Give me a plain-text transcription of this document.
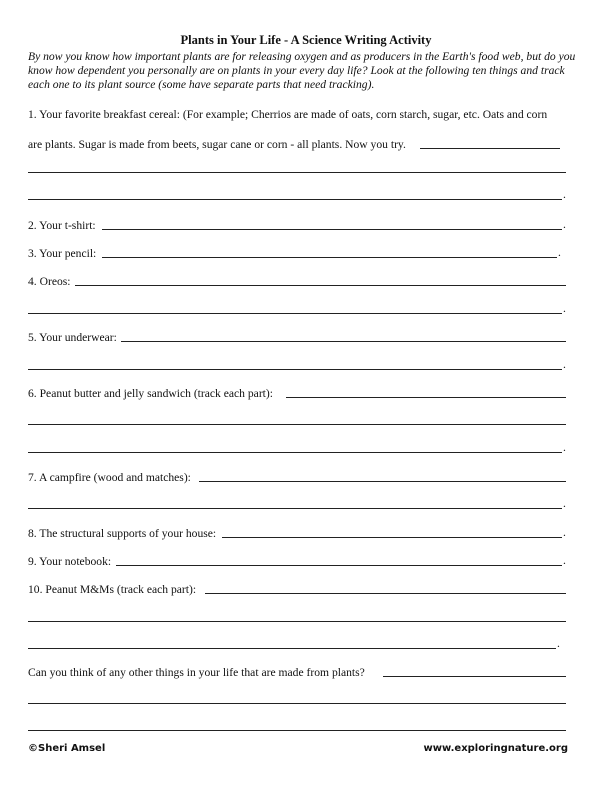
Plants in Your Life - A Science Writing Activity
By now you know how important plants are for releasing oxygen and as producers in the Earth's food web, but do you know how dependent you personally are on plants in your every day life? Look at the following ten things and track each one to its plant source (some have separate parts that need tracking).
1. Your favorite breakfast cereal: (For example; Cherrios are made of oats, corn starch, sugar, etc. Oats and corn
are plants. Sugar is made from beets, sugar cane or corn - all plants. Now you try.
.
2. Your t-shirt:	.
3. Your pencil:	.
4. Oreos:
.
5. Your underwear:
.
6. Peanut butter and jelly sandwich (track each part):
.
7. A campfire (wood and matches):
.
8. The structural supports of your house:	.
9. Your notebook:	.
10. Peanut M&Ms (track each part):
.
Can you think of any other things in your life that are made from plants?
©Sheri Amsel	www.exploringnature.org
